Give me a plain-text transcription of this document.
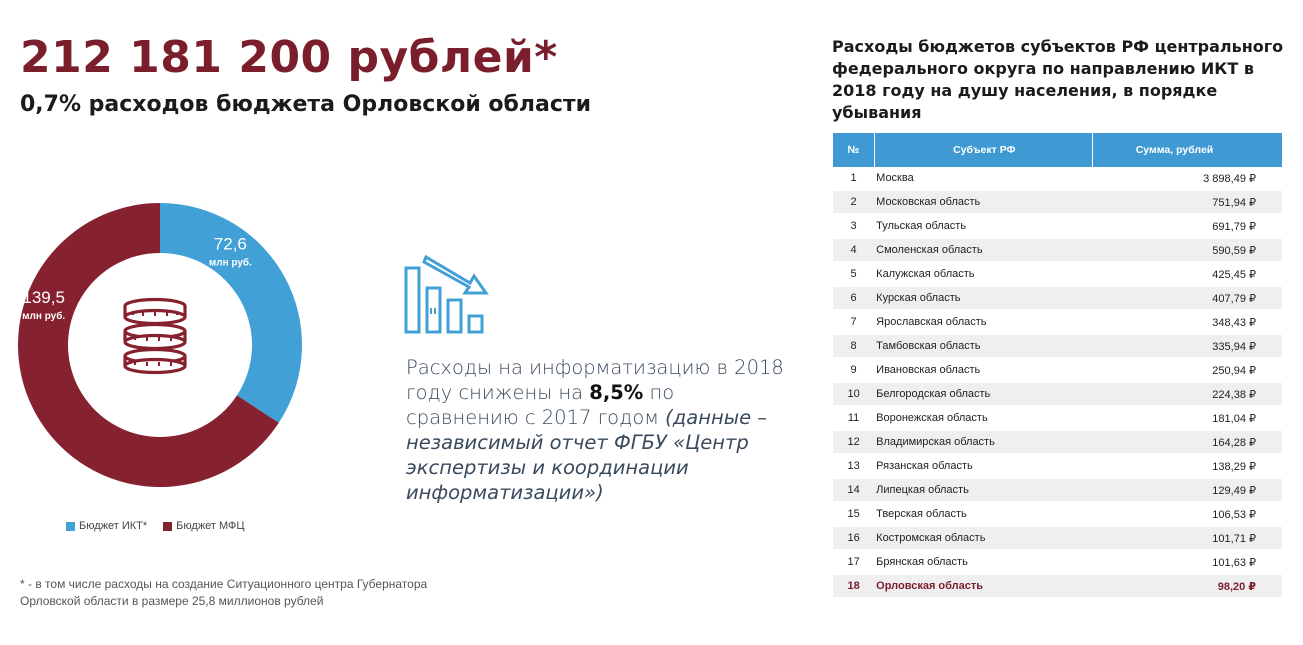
212 181 200 рублей*
0,7% расходов бюджета Орловской области
72,6
млн руб.
139,5
млн руб.
Бюджет ИКТ*	Бюджет МФЦ
* - в том числе расходы на создание Ситуационного центра Губернатора
Орловской области в размере 25,8 миллионов рублей
Расходы на информатизацию в 2018 году снижены на 8,5% по сравнению с 2017 годом (данные – независимый отчет ФГБУ «Центр экспертизы и координации информатизации»)
Расходы бюджетов субъектов РФ центрального федерального округа по направлению ИКТ в 2018 году на душу населения, в порядке убывания
№	Субъект РФ	Сумма, рублей
1	Москва	3 898,49 ₽
2	Московская область	751,94 ₽
3	Тульская область	691,79 ₽
4	Смоленская область	590,59 ₽
5	Калужская область	425,45 ₽
6	Курская область	407,79 ₽
7	Ярославская область	348,43 ₽
8	Тамбовская область	335,94 ₽
9	Ивановская область	250,94 ₽
10	Белгородская область	224,38 ₽
11	Воронежская область	181,04 ₽
12	Владимирская область	164,28 ₽
13	Рязанская область	138,29 ₽
14	Липецкая область	129,49 ₽
15	Тверская область	106,53 ₽
16	Костромская область	101,71 ₽
17	Брянская область	101,63 ₽
18	Орловская область	98,20 ₽
